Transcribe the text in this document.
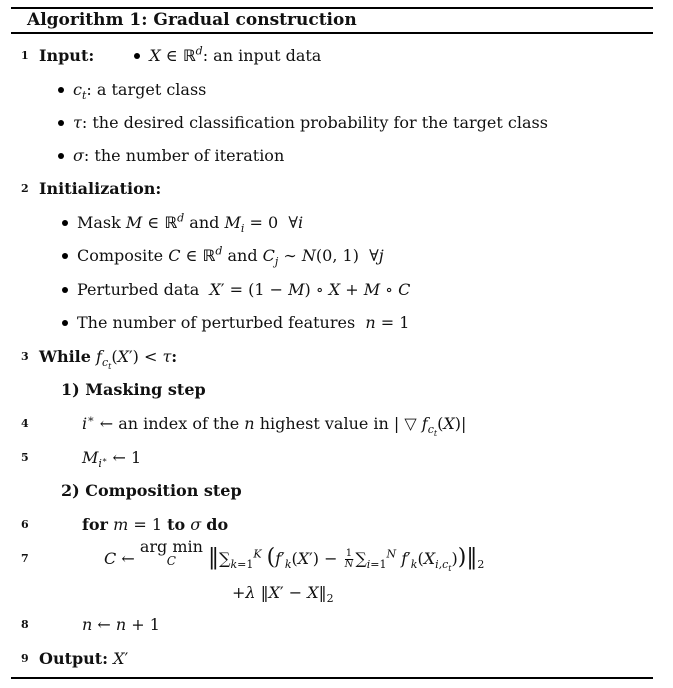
Algorithm 1: Gradual construction
1 Input:	X ∈ ℝ$^d$: an input data
$c_t$: a target class
τ: the desired classification probability for the target class
σ: the number of iteration
2 Initialization:
Mask M ∈ ℝ$^d$ and $M_i = 0$  ∀i
Composite C ∈ ℝ$^d$ and $C_j$ ∼ N(0, 1)  ∀j
Perturbed data X′ = (1 − M) ∘ X + M ∘ C
The number of perturbed features n = 1
3 While $f_{c_t}(X') < \tau$:
1) Masking step
4	i∗ ← an index of the n highest value in | ▽ $f_{c_t}(X)|$
5	$M_{i^∗}$ ← 1
2) Composition step
6	for m = 1 to σ do
7	C ← arg min
C	$‖\sum_{k=1}^K$ ($f'_k(X') - \frac{1}{N} \sum_{i=1}^N$ $f'_k(X_{i,c_t}))‖_2$
+λ ‖X′ − $X‖_2$
8	n ← n + 1
9 Output: X′
